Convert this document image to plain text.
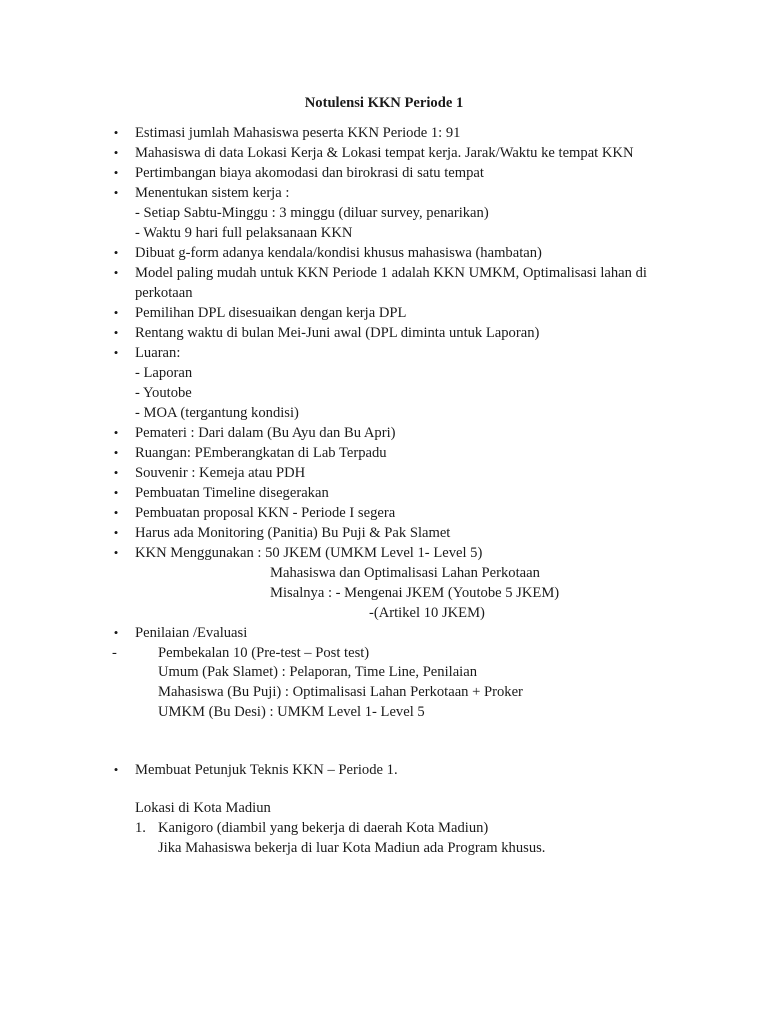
Notulensi KKN Periode 1
• Estimasi jumlah Mahasiswa peserta KKN Periode 1: 91
• Mahasiswa di data Lokasi Kerja & Lokasi tempat kerja. Jarak/Waktu ke tempat KKN
• Pertimbangan biaya akomodasi dan birokrasi di satu tempat
• Menentukan sistem kerja :
- Setiap Sabtu-Minggu : 3 minggu (diluar survey, penarikan)
- Waktu 9 hari full pelaksanaan KKN
• Dibuat g-form adanya kendala/kondisi khusus mahasiswa (hambatan)
• Model paling mudah untuk KKN Periode 1 adalah KKN UMKM, Optimalisasi lahan di
perkotaan
• Pemilihan DPL disesuaikan dengan kerja DPL
• Rentang waktu di bulan Mei-Juni awal (DPL diminta untuk Laporan)
• Luaran:
- Laporan
- Youtobe
- MOA (tergantung kondisi)
• Pemateri : Dari dalam (Bu Ayu dan Bu Apri)
• Ruangan: PEmberangkatan di Lab Terpadu
• Souvenir : Kemeja atau PDH
• Pembuatan Timeline disegerakan
• Pembuatan proposal KKN - Periode I segera
• Harus ada Monitoring (Panitia) Bu Puji & Pak Slamet
• KKN Menggunakan : 50 JKEM (UMKM Level 1- Level 5)
Mahasiswa dan Optimalisasi Lahan Perkotaan
Misalnya : - Mengenai JKEM (Youtobe 5 JKEM)
-(Artikel 10 JKEM)
• Penilaian /Evaluasi
-	Pembekalan 10 (Pre-test – Post test)
Umum (Pak Slamet) : Pelaporan, Time Line, Penilaian
Mahasiswa (Bu Puji) : Optimalisasi Lahan Perkotaan + Proker
UMKM (Bu Desi) : UMKM Level 1- Level 5
• Membuat Petunjuk Teknis KKN – Periode 1.
Lokasi di Kota Madiun
1. Kanigoro (diambil yang bekerja di daerah Kota Madiun)
Jika Mahasiswa bekerja di luar Kota Madiun ada Program khusus.
